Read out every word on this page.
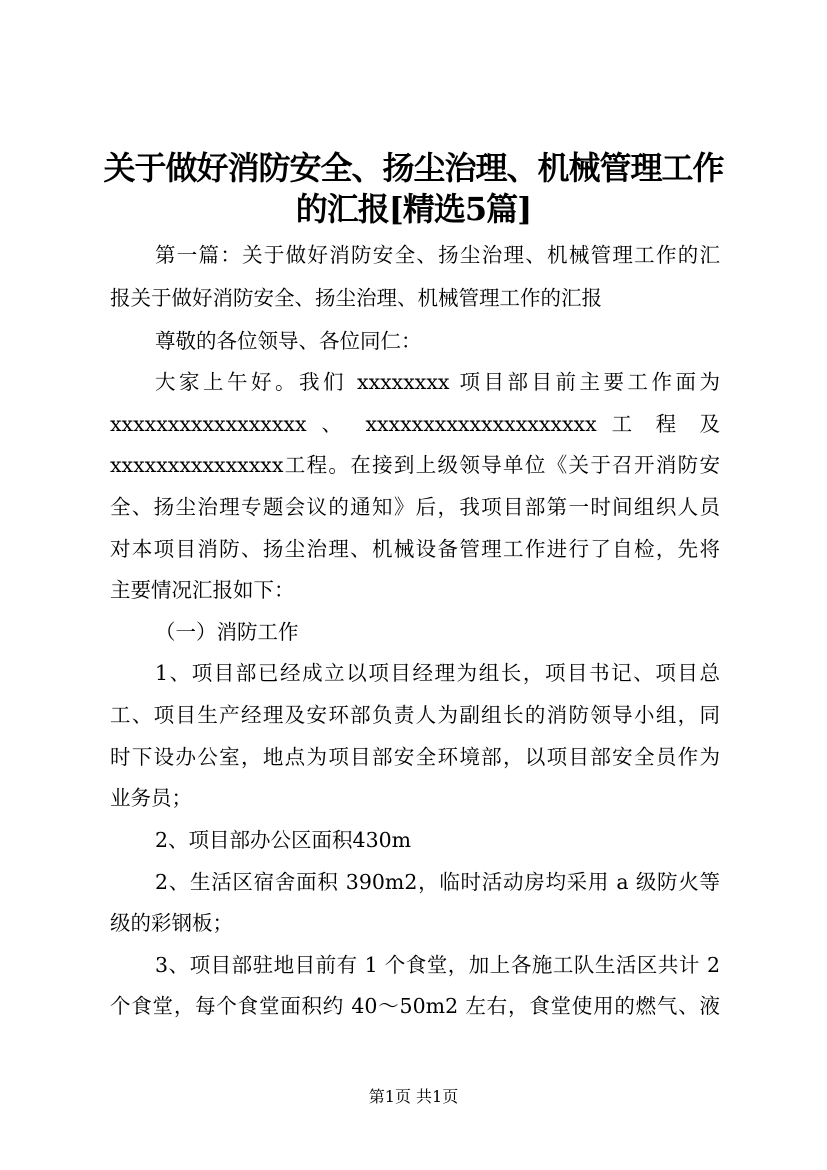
关于做好消防安全、扬尘治理、机械管理工作
的汇报[精选5篇]
第一篇：关于做好消防安全、扬尘治理、机械管理工作的汇
报关于做好消防安全、扬尘治理、机械管理工作的汇报
尊敬的各位领导、各位同仁：
大家上午好。我们 xxxxxxxx 项目部目前主要工作面为
xxxxxxxxxxxxxxxxx 、 xxxxxxxxxxxxxxxxxxxx 工 程 及
xxxxxxxxxxxxxxx工程。在接到上级领导单位《关于召开消防安
全、扬尘治理专题会议的通知》后，我项目部第一时间组织人员
对本项目消防、扬尘治理、机械设备管理工作进行了自检，先将
主要情况汇报如下：
（一）消防工作
1、项目部已经成立以项目经理为组长，项目书记、项目总
工、项目生产经理及安环部负责人为副组长的消防领导小组，同
时下设办公室，地点为项目部安全环境部，以项目部安全员作为
业务员；
2、项目部办公区面积430m
2、生活区宿舍面积 390m2，临时活动房均采用 a 级防火等
级的彩钢板；
3、项目部驻地目前有 1 个食堂，加上各施工队生活区共计 2
个食堂，每个食堂面积约 40～50m2 左右，食堂使用的燃气、液
第1页 共1页
